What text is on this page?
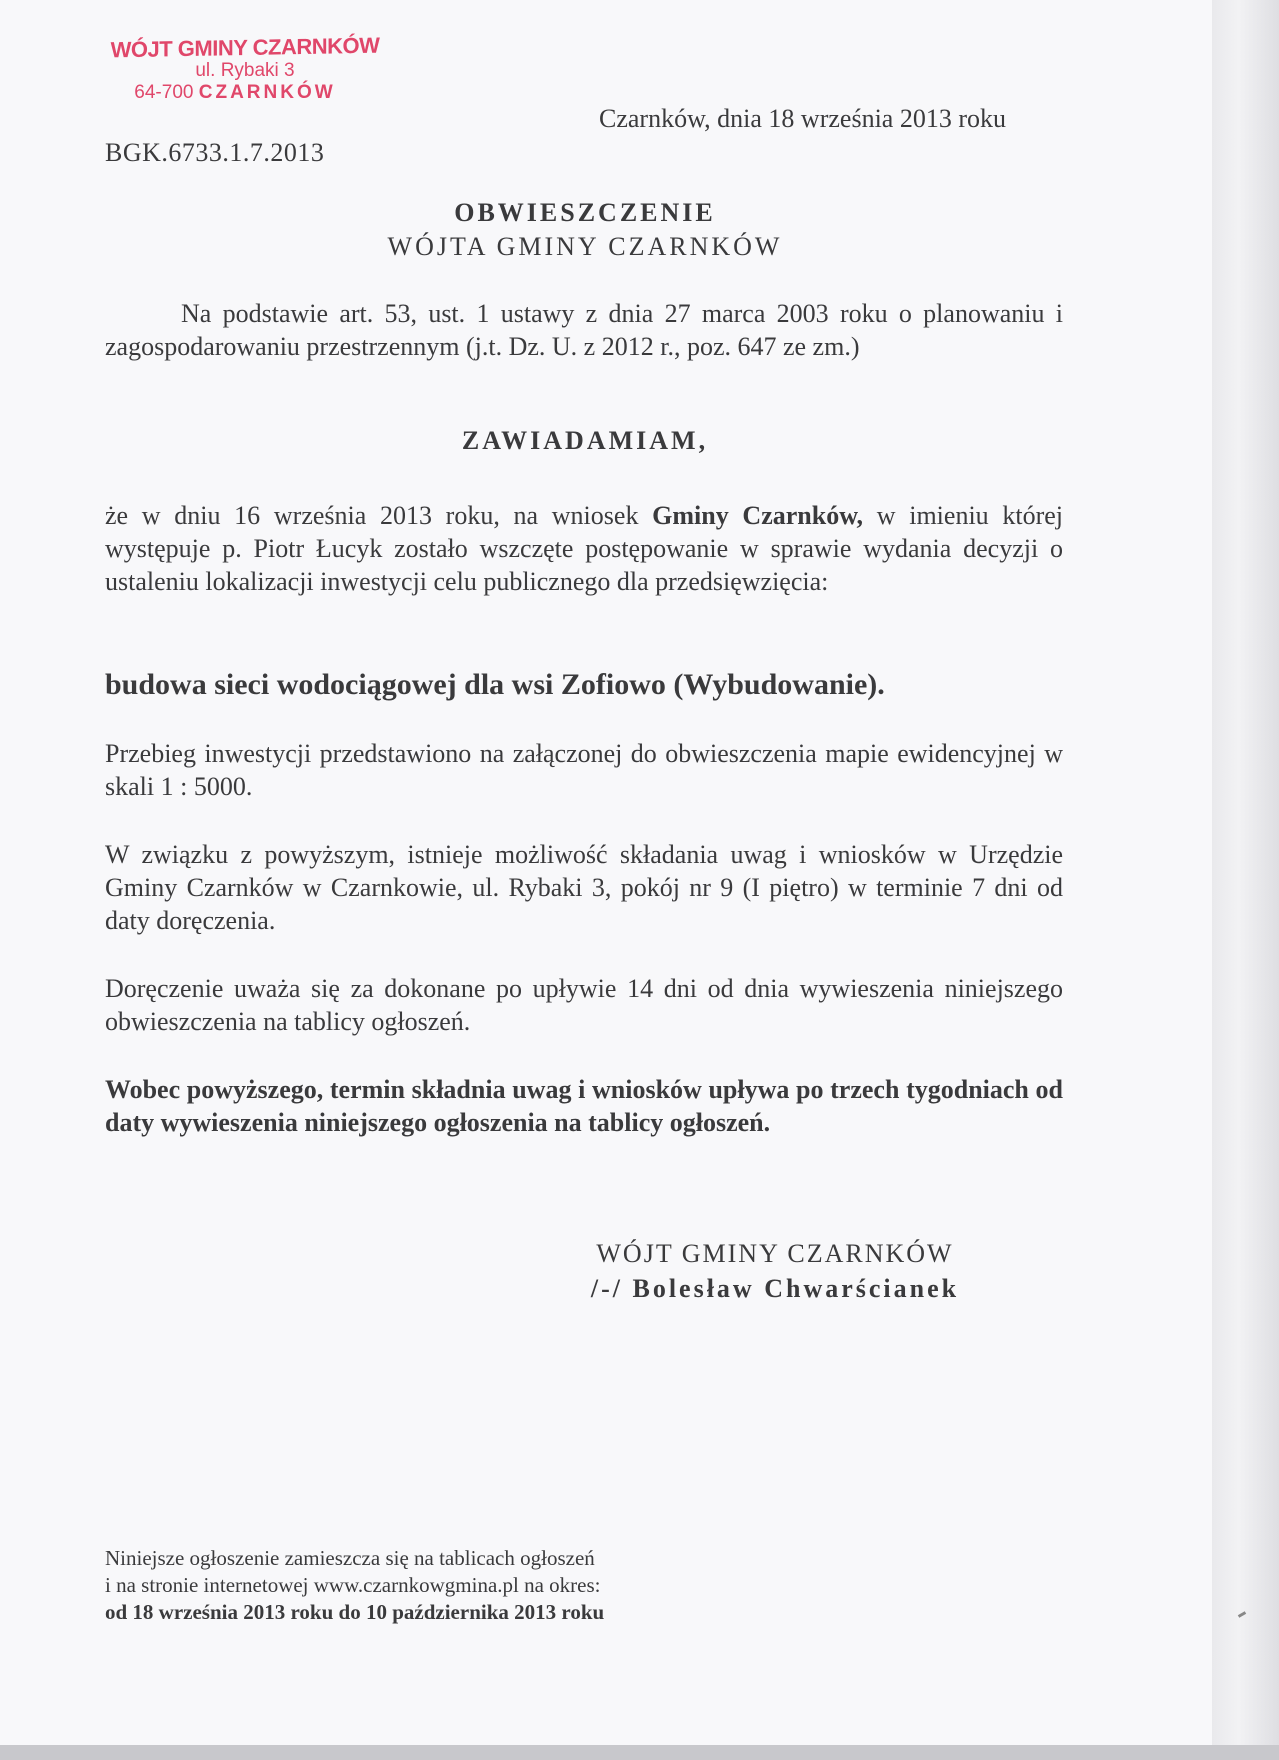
WÓJT GMINY CZARNKÓW
ul. Rybaki 3
64-700 CZARNKÓW
BGK.6733.1.7.2013
Czarnków, dnia 18 września 2013 roku
OBWIESZCZENIE
WÓJTA GMINY CZARNKÓW
Na podstawie art. 53, ust. 1 ustawy z dnia 27 marca 2003 roku o planowaniu i zagospodarowaniu przestrzennym (j.t. Dz. U. z 2012 r., poz. 647 ze zm.)
ZAWIADAMIAM,
że w dniu 16 września 2013 roku, na wniosek Gminy Czarnków, w imieniu której występuje p. Piotr Łucyk zostało wszczęte postępowanie w sprawie wydania decyzji o ustaleniu lokalizacji inwestycji celu publicznego dla przedsięwzięcia:
budowa sieci wodociągowej dla wsi Zofiowo (Wybudowanie).
Przebieg inwestycji przedstawiono na załączonej do obwieszczenia mapie ewidencyjnej w skali 1 : 5000.
W związku z powyższym, istnieje możliwość składania uwag i wniosków w Urzędzie Gminy Czarnków w Czarnkowie, ul. Rybaki 3, pokój nr 9 (I piętro) w terminie 7 dni od daty doręczenia.
Doręczenie uważa się za dokonane po upływie 14 dni od dnia wywieszenia niniejszego obwieszczenia na tablicy ogłoszeń.
Wobec powyższego, termin składnia uwag i wniosków upływa po trzech tygodniach od daty wywieszenia niniejszego ogłoszenia na tablicy ogłoszeń.
WÓJT GMINY CZARNKÓW
/-/ Bolesław Chwarścianek
Niniejsze ogłoszenie zamieszcza się na tablicach ogłoszeń
i na stronie internetowej www.czarnkowgmina.pl na okres:
od 18 września 2013 roku do 10 października 2013 roku
